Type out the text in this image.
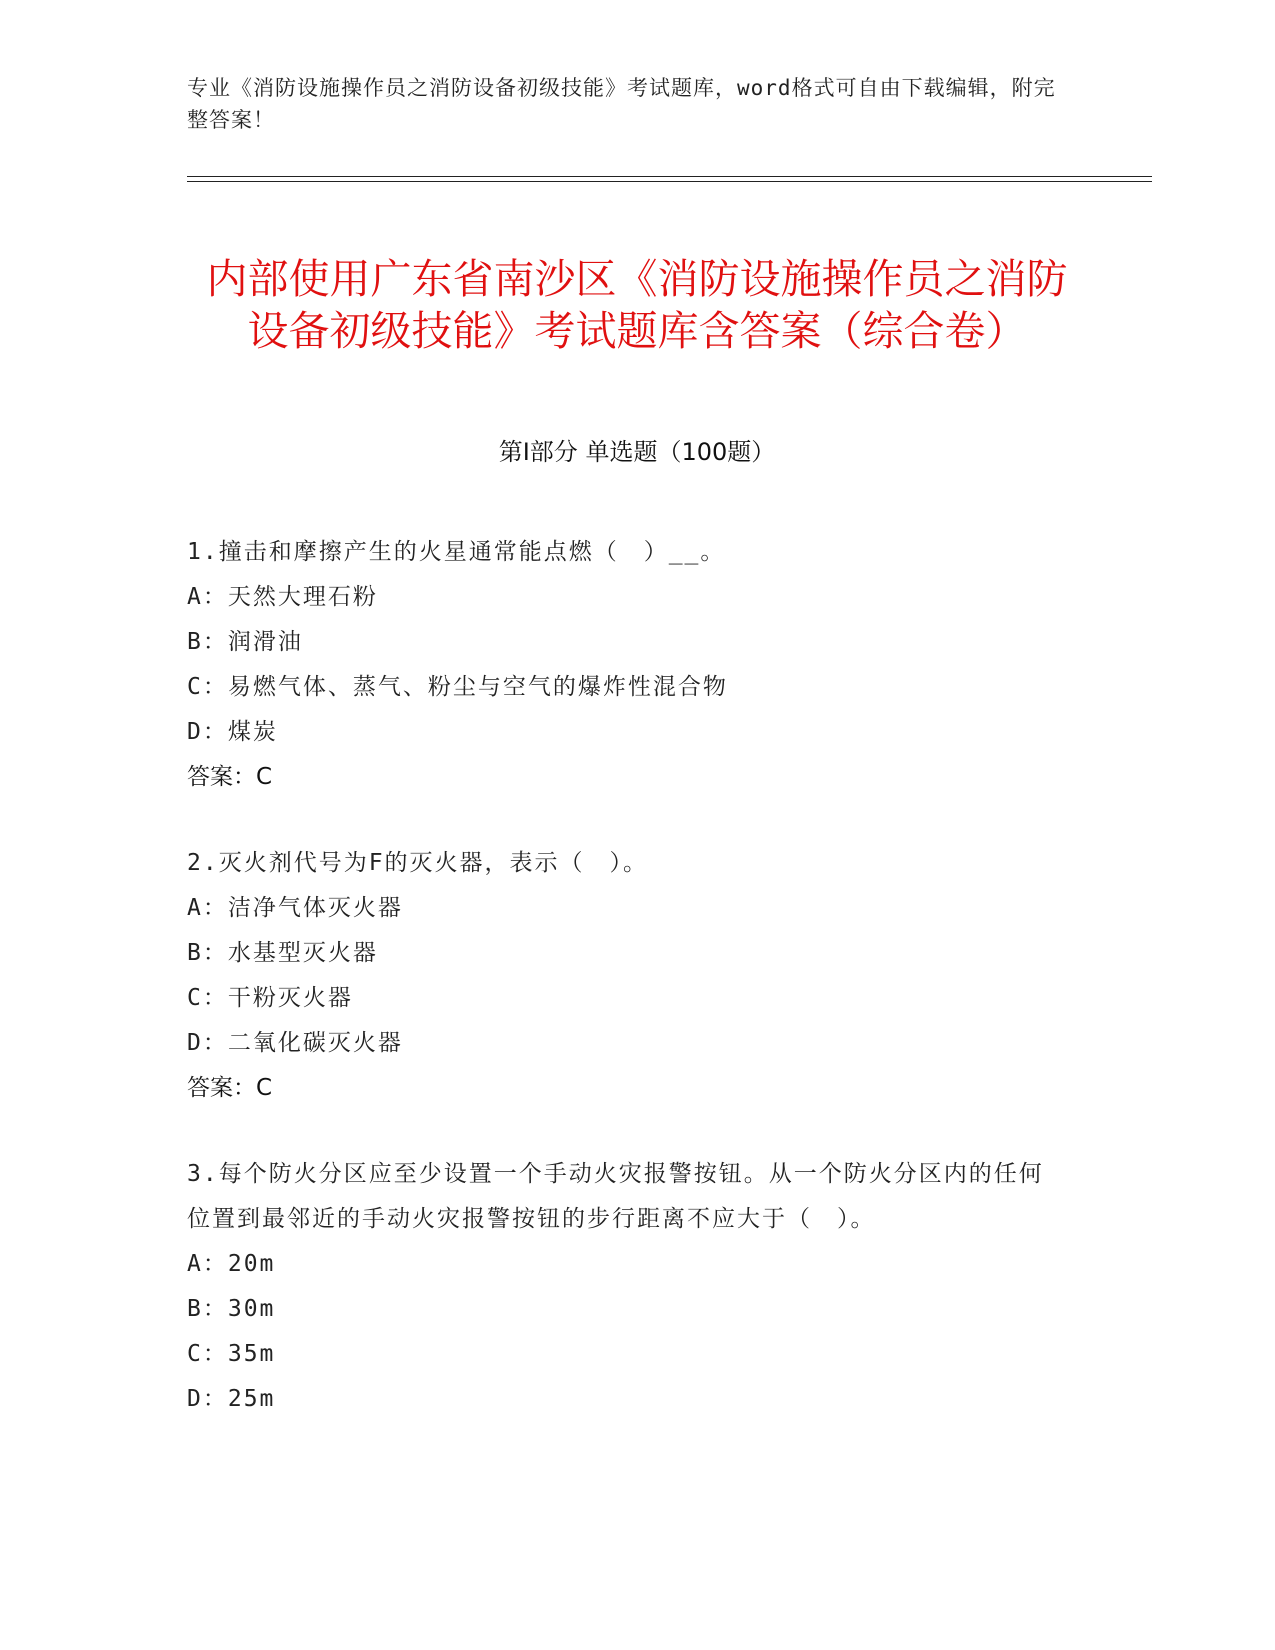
专业《消防设施操作员之消防设备初级技能》考试题库，word格式可自由下载编辑，附完整答案！
内部使用广东省南沙区《消防设施操作员之消防设备初级技能》考试题库含答案（综合卷）
第Ⅰ部分 单选题（100题）
1.撞击和摩擦产生的火星通常能点燃（　）__。
A：天然大理石粉
B：润滑油
C：易燃气体、蒸气、粉尘与空气的爆炸性混合物
D：煤炭
答案：C
2.灭火剂代号为F的灭火器，表示（　）。
A：洁净气体灭火器
B：水基型灭火器
C：干粉灭火器
D：二氧化碳灭火器
答案：C
3.每个防火分区应至少设置一个手动火灾报警按钮。从一个防火分区内的任何位置到最邻近的手动火灾报警按钮的步行距离不应大于（　）。
A：20m
B：30m
C：35m
D：25m
